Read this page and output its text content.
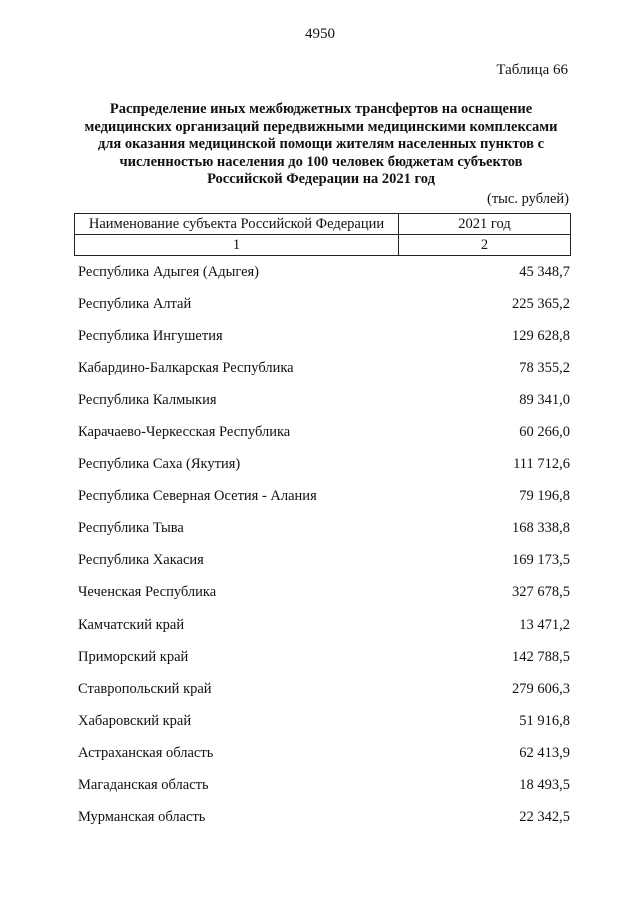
4950
Таблица 66
Распределение иных межбюджетных трансфертов на оснащение
медицинских организаций передвижными медицинскими комплексами
для оказания медицинской помощи жителям населенных пунктов с
численностью населения до 100 человек бюджетам субъектов
Российской Федерации на 2021 год
(тыс. рублей)
Наименование субъекта Российской Федерации	2021 год
1	2
Республика Адыгея (Адыгея)	45 348,7
Республика Алтай	225 365,2
Республика Ингушетия	129 628,8
Кабардино-Балкарская Республика	78 355,2
Республика Калмыкия	89 341,0
Карачаево-Черкесская Республика	60 266,0
Республика Саха (Якутия)	111 712,6
Республика Северная Осетия - Алания	79 196,8
Республика Тыва	168 338,8
Республика Хакасия	169 173,5
Чеченская Республика	327 678,5
Камчатский край	13 471,2
Приморский край	142 788,5
Ставропольский край	279 606,3
Хабаровский край	51 916,8
Астраханская область	62 413,9
Магаданская область	18 493,5
Мурманская область	22 342,5
